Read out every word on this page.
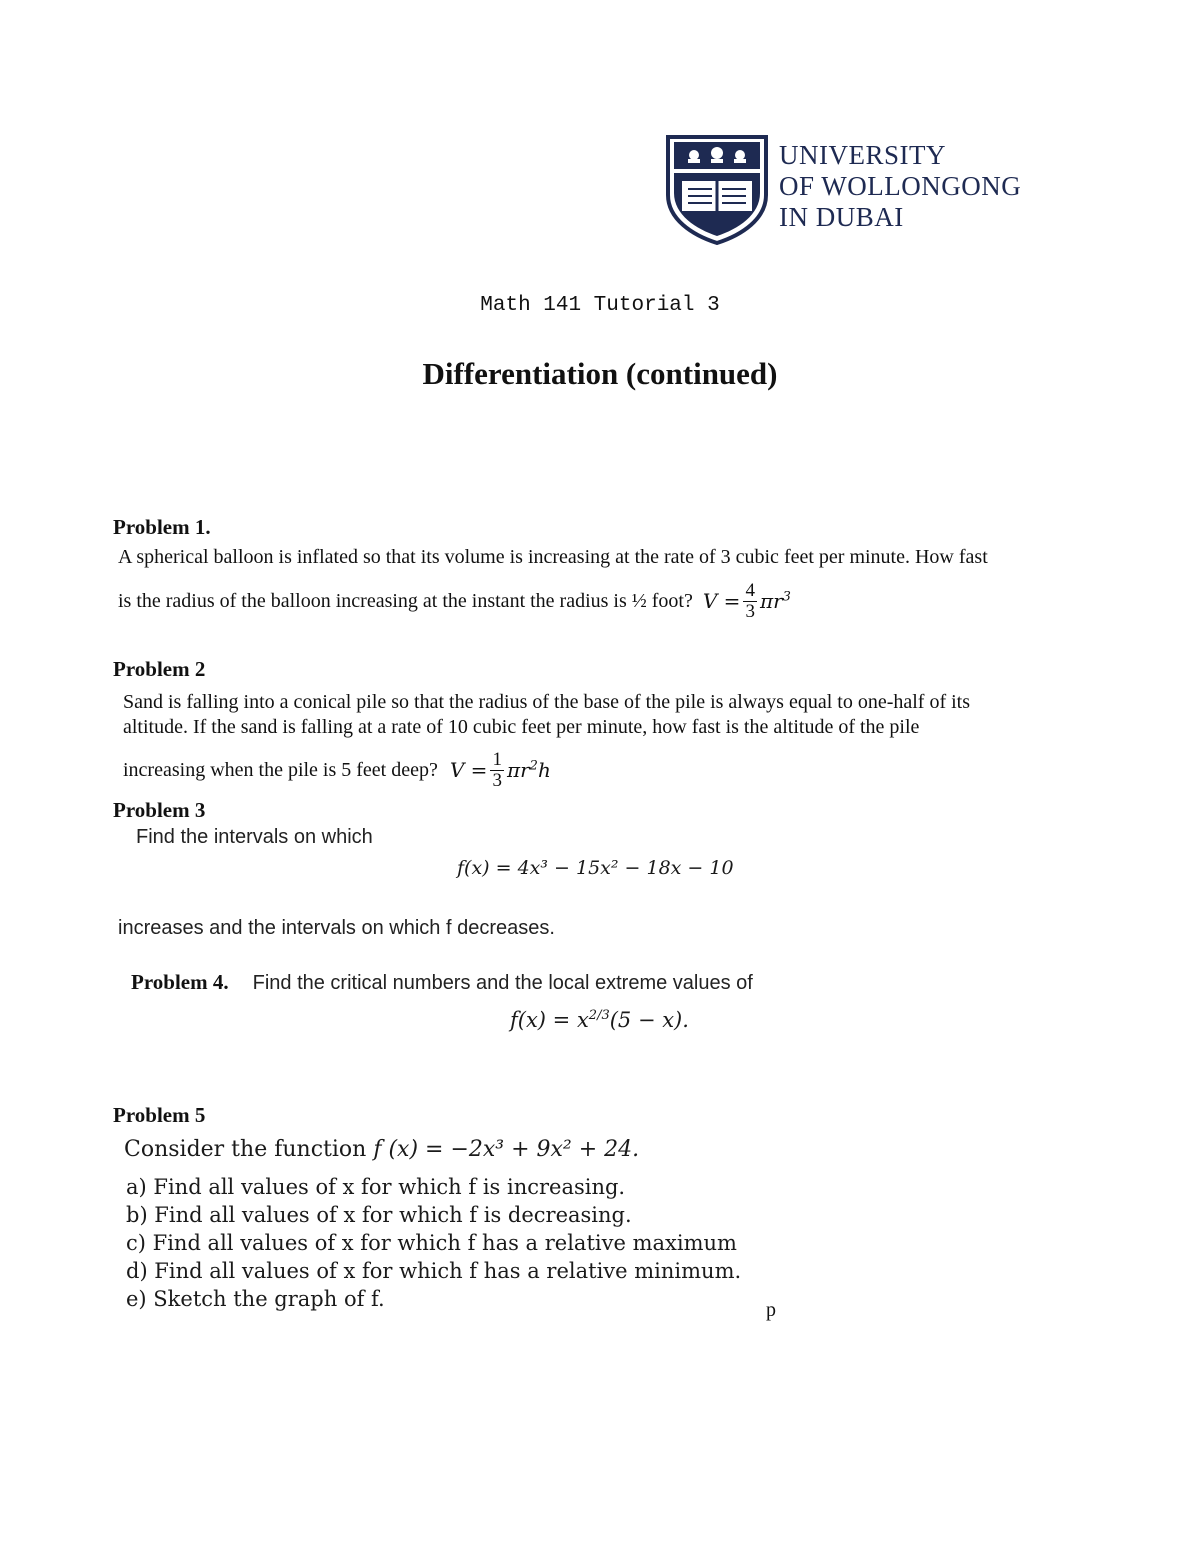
UNIVERSITY
OF WOLLONGONG
IN DUBAI
Math 141 Tutorial 3
Differentiation (continued)
Problem 1.
A spherical balloon is inflated so that its volume is increasing at the rate of 3 cubic feet per minute. How fast
is the radius of the balloon increasing at the instant the radius is ½ foot? $V = \frac{4}{3} \pi r^3$
Problem 2
Sand is falling into a conical pile so that the radius of the base of the pile is always equal to one-half of its
altitude. If the sand is falling at a rate of 10 cubic feet per minute, how fast is the altitude of the pile
increasing when the pile is 5 feet deep? $V = \frac{1}{3} \pi r^2h$
Problem 3
Find the intervals on which
f(x) = 4x³ − 15x² − 18x − 10
increases and the intervals on which f decreases.
Problem 4. Find the critical numbers and the local extreme values of
$f(x) = x^{2/3}(5 - x)$.
Problem 5
Consider the function f (x) = −2x³ + 9x² + 24.
a) Find all values of x for which f is increasing.
b) Find all values of x for which f is decreasing.
c) Find all values of x for which f has a relative maximum
d) Find all values of x for which f has a relative minimum.
e) Sketch the graph of f.	p
